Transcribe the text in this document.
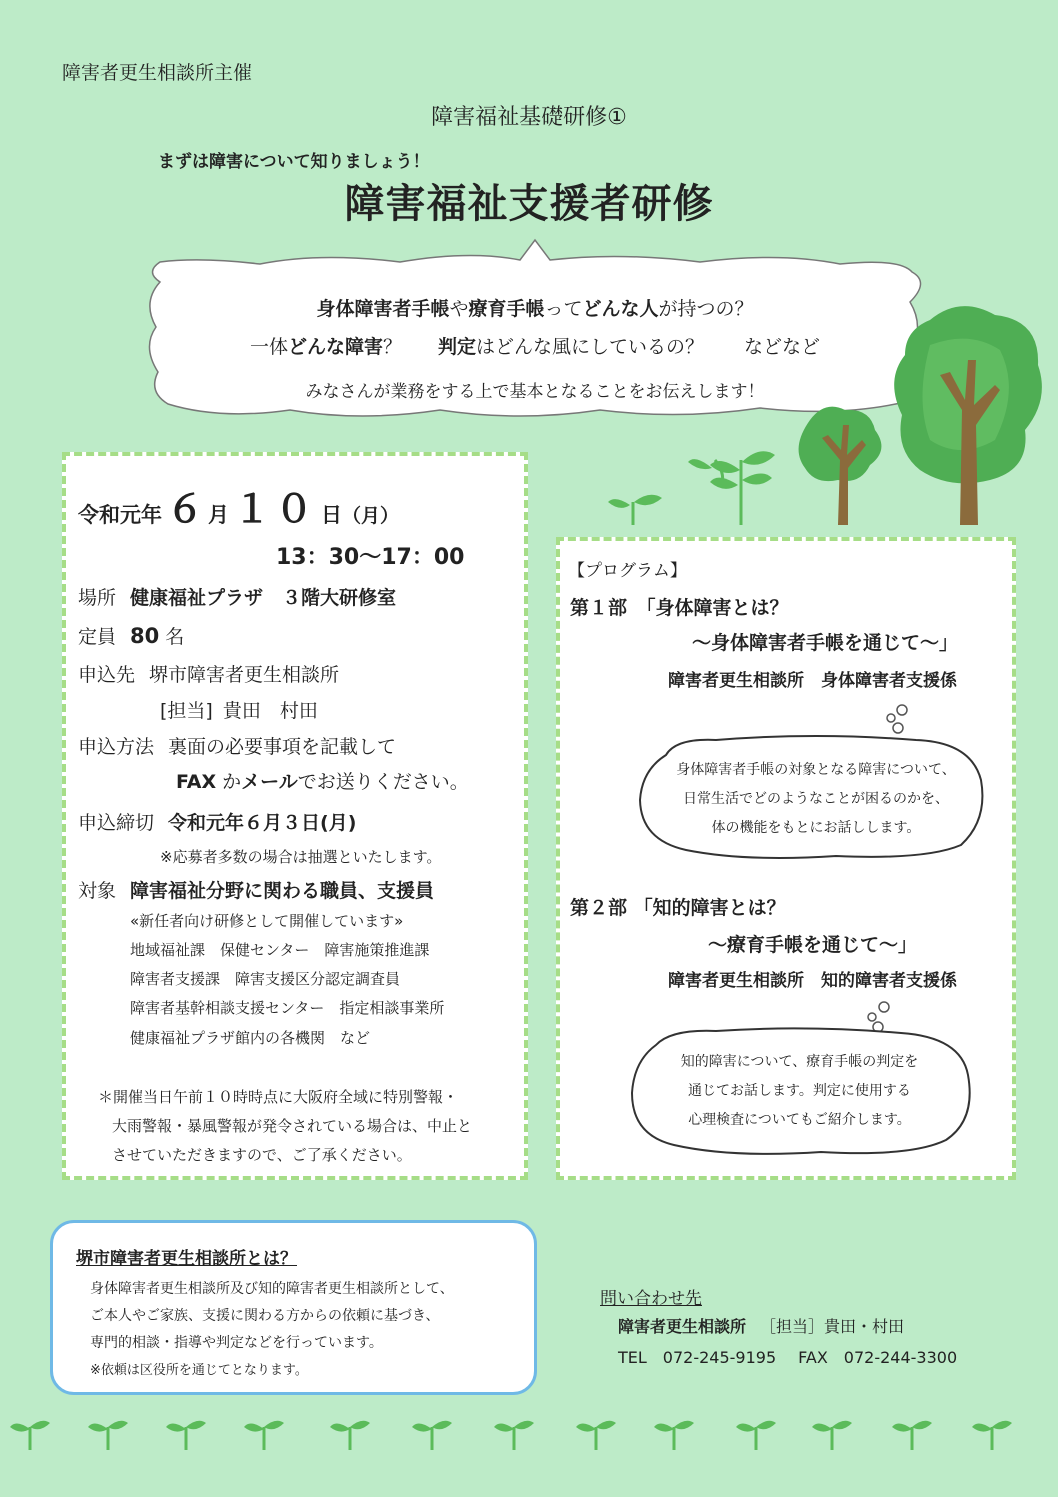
障害者更生相談所主催
障害福祉基礎研修①
まずは障害について知りましょう！
障害福祉支援者研修
身体障害者手帳や療育手帳ってどんな人が持つの？
一体どんな障害？ 判定はどんな風にしているの？ などなど
みなさんが業務をする上で基本となることをお伝えします！
令和元年 ６ 月 １０ 日（月）
13：30〜17：00
場所 健康福祉プラザ　３階大研修室
定員 80 名
申込先 堺市障害者更生相談所
[担当] 貴田　村田
申込方法 裏面の必要事項を記載して
FAX かメールでお送りください。
申込締切 令和元年６月３日(月)
※応募者多数の場合は抽選といたします。
対象 障害福祉分野に関わる職員、支援員
«新任者向け研修として開催しています»
地域福祉課　保健センター　障害施策推進課
障害者支援課　障害支援区分認定調査員
障害者基幹相談支援センター　指定相談事業所
健康福祉プラザ館内の各機関　など
＊開催当日午前１０時時点に大阪府全域に特別警報・
大雨警報・暴風警報が発令されている場合は、中止と
させていただきますので、ご了承ください。
【プログラム】
第１部　「身体障害とは？
〜身体障害者手帳を通じて〜」
障害者更生相談所　身体障害者支援係
身体障害者手帳の対象となる障害について、
日常生活でどのようなことが困るのかを、
体の機能をもとにお話しします。
第２部 「知的障害とは？
〜療育手帳を通じて〜」
障害者更生相談所　知的障害者支援係
知的障害について、療育手帳の判定を
通じてお話します。判定に使用する
心理検査についてもご紹介します。
堺市障害者更生相談所とは？
身体障害者更生相談所及び知的障害者更生相談所として、
ご本人やご家族、支援に関わる方からの依頼に基づき、
専門的相談・指導や判定などを行っています。
※依頼は区役所を通じてとなります。
問い合わせ先
障害者更生相談所 ［担当］貴田・村田
TEL　072-245-9195 FAX　072-244-3300
